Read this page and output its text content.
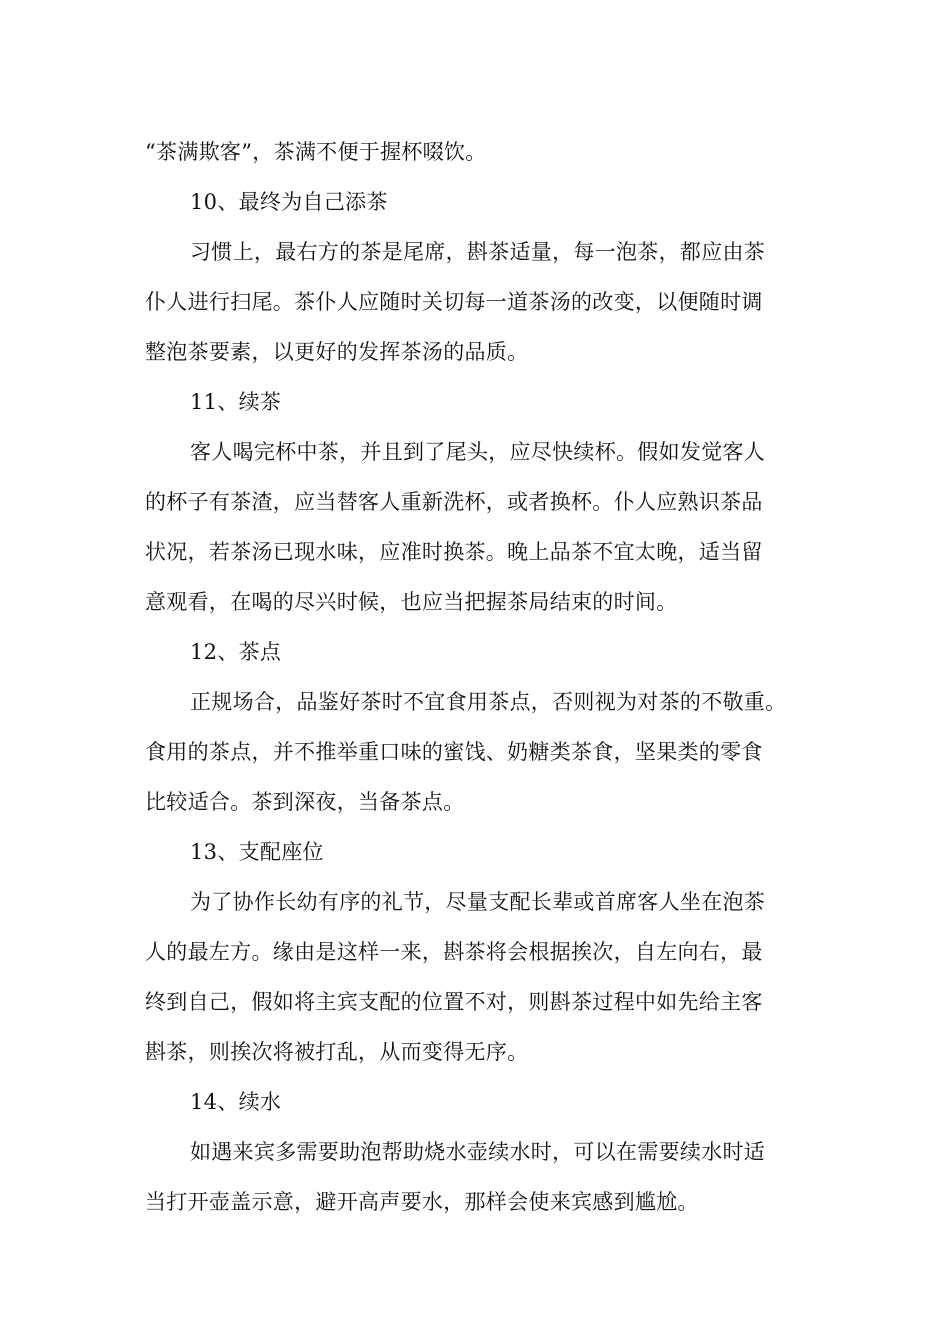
“茶满欺客”，茶满不便于握杯啜饮。
10、最终为自己添茶
习惯上，最右方的茶是尾席，斟茶适量，每一泡茶，都应由茶
仆人进行扫尾。茶仆人应随时关切每一道茶汤的改变，以便随时调
整泡茶要素，以更好的发挥茶汤的品质。
11、续茶
客人喝完杯中茶，并且到了尾头，应尽快续杯。假如发觉客人
的杯子有茶渣，应当替客人重新洗杯，或者换杯。仆人应熟识茶品
状况，若茶汤已现水味，应准时换茶。晚上品茶不宜太晚，适当留
意观看，在喝的尽兴时候，也应当把握茶局结束的时间。
12、茶点
正规场合，品鉴好茶时不宜食用茶点，否则视为对茶的不敬重。
食用的茶点，并不推举重口味的蜜饯、奶糖类茶食，坚果类的零食
比较适合。茶到深夜，当备茶点。
13、支配座位
为了协作长幼有序的礼节，尽量支配长辈或首席客人坐在泡茶
人的最左方。缘由是这样一来，斟茶将会根据挨次，自左向右，最
终到自己，假如将主宾支配的位置不对，则斟茶过程中如先给主客
斟茶，则挨次将被打乱，从而变得无序。
14、续水
如遇来宾多需要助泡帮助烧水壶续水时，可以在需要续水时适
当打开壶盖示意，避开高声要水，那样会使来宾感到尴尬。
